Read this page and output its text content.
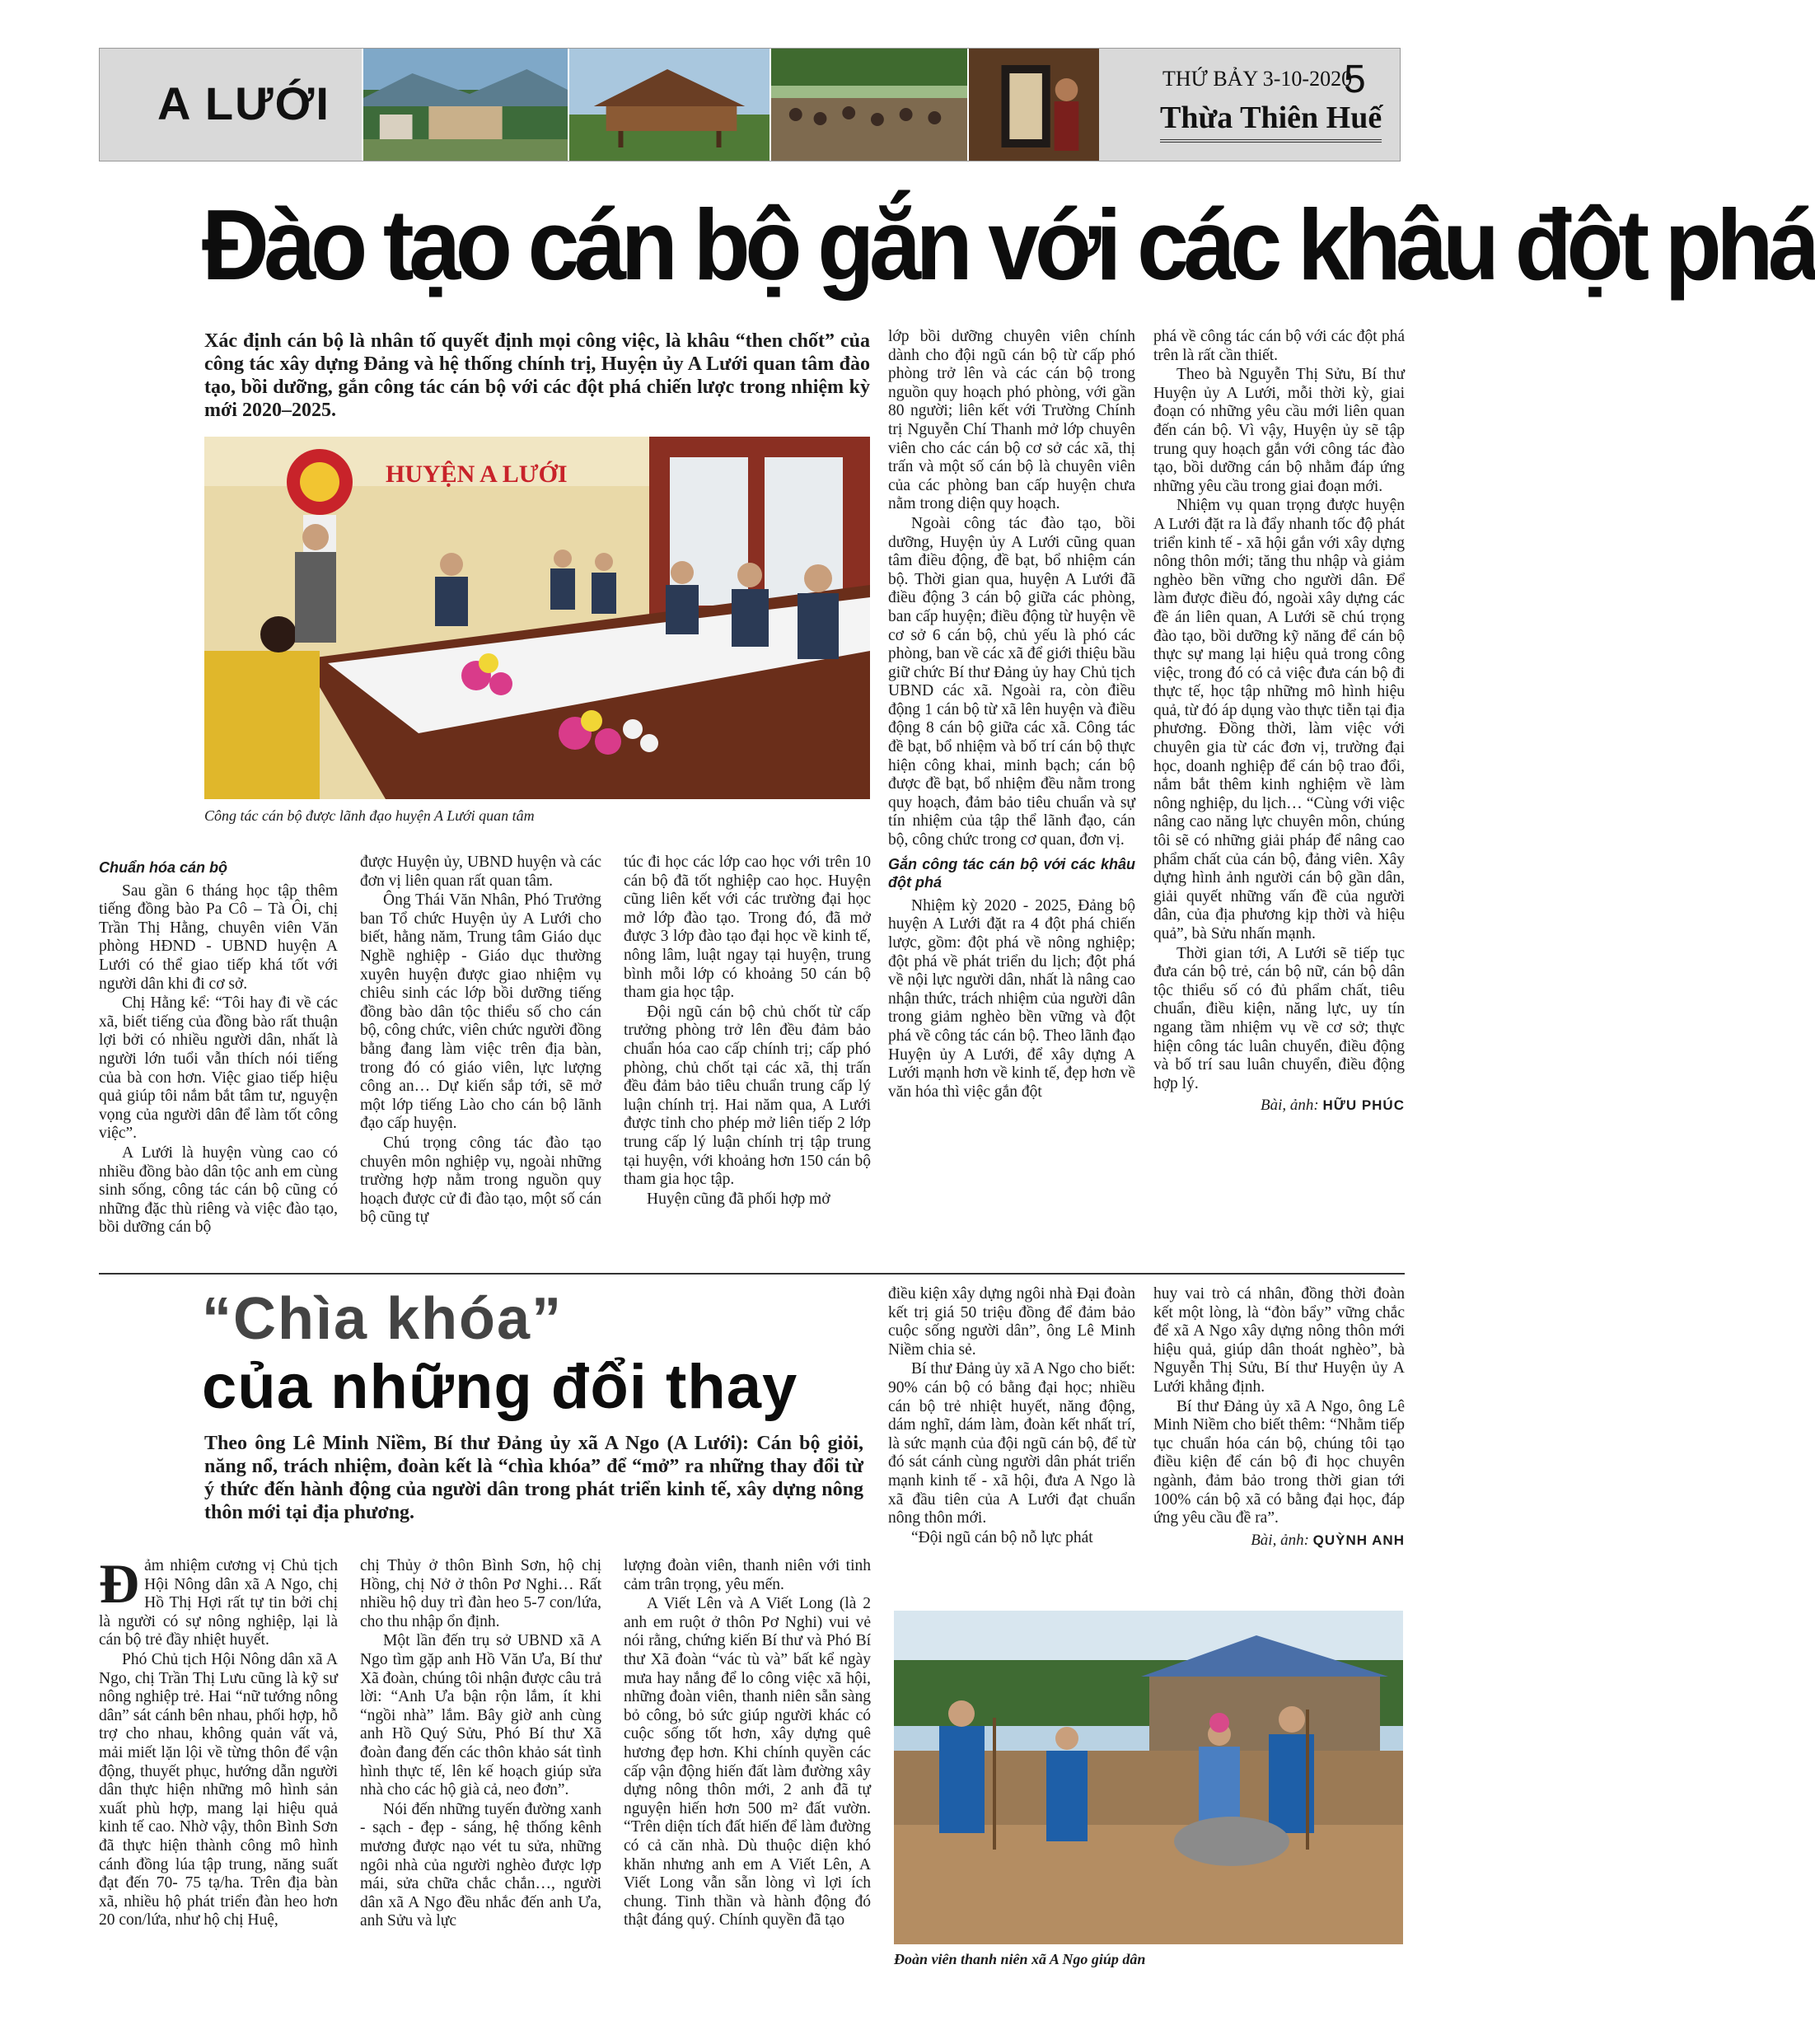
A LƯỚI	THỨ BẢY 3-10-2020
5
Thừa Thiên Huế
Đào tạo cán bộ gắn với các khâu đột phá
Xác định cán bộ là nhân tố quyết định mọi công việc, là khâu “then chốt” của công tác xây dựng Đảng và hệ thống chính trị, Huyện ủy A Lưới quan tâm đào tạo, bồi dưỡng, gắn công tác cán bộ với các đột phá chiến lược trong nhiệm kỳ mới 2020–2025.
HUYỆN A LƯỚI
Công tác cán bộ được lãnh đạo huyện A Lưới quan tâm

Chuẩn hóa cán bộ

Sau gần 6 tháng học tập thêm tiếng đồng bào Pa Cô – Tà Ôi, chị Trần Thị Hằng, chuyên viên Văn phòng HĐND - UBND huyện A Lưới có thể giao tiếp khá tốt với người dân khi đi cơ sở.

Chị Hằng kể: “Tôi hay đi về các xã, biết tiếng của đồng bào rất thuận lợi bởi có nhiều người dân, nhất là người lớn tuổi vẫn thích nói tiếng của bà con hơn. Việc giao tiếp hiệu quả giúp tôi nắm bắt tâm tư, nguyện vọng của người dân để làm tốt công việc”.

A Lưới là huyện vùng cao có nhiều đồng bào dân tộc anh em cùng sinh sống, công tác cán bộ cũng có những đặc thù riêng và việc đào tạo, bồi dưỡng cán bộ

được Huyện ủy, UBND huyện và các đơn vị liên quan rất quan tâm.

Ông Thái Văn Nhân, Phó Trưởng ban Tổ chức Huyện ủy A Lưới cho biết, hằng năm, Trung tâm Giáo dục Nghề nghiệp - Giáo dục thường xuyên huyện được giao nhiệm vụ chiêu sinh các lớp bồi dưỡng tiếng đồng bào dân tộc thiểu số cho cán bộ, công chức, viên chức người đồng bằng đang làm việc trên địa bàn, trong đó có giáo viên, lực lượng công an… Dự kiến sắp tới, sẽ mở một lớp tiếng Lào cho cán bộ lãnh đạo cấp huyện.

Chú trọng công tác đào tạo chuyên môn nghiệp vụ, ngoài những trường hợp nằm trong nguồn quy hoạch được cử đi đào tạo, một số cán bộ cũng tự

túc đi học các lớp cao học với trên 10 cán bộ đã tốt nghiệp cao học. Huyện cũng liên kết với các trường đại học mở lớp đào tạo. Trong đó, đã mở được 3 lớp đào tạo đại học về kinh tế, nông lâm, luật ngay tại huyện, trung bình mỗi lớp có khoảng 50 cán bộ tham gia học tập.

Đội ngũ cán bộ chủ chốt từ cấp trưởng phòng trở lên đều đảm bảo chuẩn hóa cao cấp chính trị; cấp phó phòng, chủ chốt tại các xã, thị trấn đều đảm bảo tiêu chuẩn trung cấp lý luận chính trị. Hai năm qua, A Lưới được tỉnh cho phép mở liên tiếp 2 lớp trung cấp lý luận chính trị tập trung tại huyện, với khoảng hơn 150 cán bộ tham gia học tập.

Huyện cũng đã phối hợp mở

lớp bồi dưỡng chuyên viên chính dành cho đội ngũ cán bộ từ cấp phó phòng trở lên và các cán bộ trong nguồn quy hoạch phó phòng, với gần 80 người; liên kết với Trường Chính trị Nguyễn Chí Thanh mở lớp chuyên viên cho các cán bộ cơ sở các xã, thị trấn và một số cán bộ là chuyên viên của các phòng ban cấp huyện chưa nằm trong diện quy hoạch.

Ngoài công tác đào tạo, bồi dưỡng, Huyện ủy A Lưới cũng quan tâm điều động, đề bạt, bổ nhiệm cán bộ. Thời gian qua, huyện A Lưới đã điều động 3 cán bộ giữa các phòng, ban cấp huyện; điều động từ huyện về cơ sở 6 cán bộ, chủ yếu là phó các phòng, ban về các xã để giới thiệu bầu giữ chức Bí thư Đảng ủy hay Chủ tịch UBND các xã. Ngoài ra, còn điều động 1 cán bộ từ xã lên huyện và điều động 8 cán bộ giữa các xã. Công tác đề bạt, bổ nhiệm và bố trí cán bộ thực hiện công khai, minh bạch; cán bộ được đề bạt, bổ nhiệm đều nằm trong quy hoạch, đảm bảo tiêu chuẩn và sự tín nhiệm của tập thể lãnh đạo, cán bộ, công chức trong cơ quan, đơn vị.

Gắn công tác cán bộ với các khâu đột phá

Nhiệm kỳ 2020 - 2025, Đảng bộ huyện A Lưới đặt ra 4 đột phá chiến lược, gồm: đột phá về nông nghiệp; đột phá về phát triển du lịch; đột phá về nội lực người dân, nhất là nâng cao nhận thức, trách nhiệm của người dân trong giảm nghèo bền vững và đột phá về công tác cán bộ. Theo lãnh đạo Huyện ủy A Lưới, để xây dựng A Lưới mạnh hơn về kinh tế, đẹp hơn về văn hóa thì việc gắn đột

phá về công tác cán bộ với các đột phá trên là rất cần thiết.

Theo bà Nguyễn Thị Sửu, Bí thư Huyện ủy A Lưới, mỗi thời kỳ, giai đoạn có những yêu cầu mới liên quan đến cán bộ. Vì vậy, Huyện ủy sẽ tập trung quy hoạch gắn với công tác đào tạo, bồi dưỡng cán bộ nhằm đáp ứng những yêu cầu trong giai đoạn mới.

Nhiệm vụ quan trọng được huyện A Lưới đặt ra là đẩy nhanh tốc độ phát triển kinh tế - xã hội gắn với xây dựng nông thôn mới; tăng thu nhập và giảm nghèo bền vững cho người dân. Để làm được điều đó, ngoài xây dựng các đề án liên quan, A Lưới sẽ chú trọng đào tạo, bồi dưỡng kỹ năng để cán bộ thực sự mang lại hiệu quả trong công việc, trong đó có cả việc đưa cán bộ đi thực tế, học tập những mô hình hiệu quả, từ đó áp dụng vào thực tiễn tại địa phương. Đồng thời, làm việc với chuyên gia từ các đơn vị, trường đại học, doanh nghiệp để cán bộ trao đổi, nắm bắt thêm kinh nghiệm về làm nông nghiệp, du lịch… “Cùng với việc nâng cao năng lực chuyên môn, chúng tôi sẽ có những giải pháp để nâng cao phẩm chất của cán bộ, đảng viên. Xây dựng hình ảnh người cán bộ gần dân, giải quyết những vấn đề của người dân, của địa phương kịp thời và hiệu quả”, bà Sửu nhấn mạnh.

Thời gian tới, A Lưới sẽ tiếp tục đưa cán bộ trẻ, cán bộ nữ, cán bộ dân tộc thiểu số có đủ phẩm chất, tiêu chuẩn, điều kiện, năng lực, uy tín ngang tầm nhiệm vụ về cơ sở; thực hiện công tác luân chuyển, điều động và bố trí sau luân chuyển, điều động hợp lý.

Bài, ảnh: HỮU PHÚC
“Chìa khóa”
của những đổi thay
Theo ông Lê Minh Niềm, Bí thư Đảng ủy xã A Ngo (A Lưới): Cán bộ giỏi, năng nổ, trách nhiệm, đoàn kết là “chìa khóa” để “mở” ra những thay đổi từ ý thức đến hành động của người dân trong phát triển kinh tế, xây dựng nông thôn mới tại địa phương.

Đảm nhiệm cương vị Chủ tịch Hội Nông dân xã A Ngo, chị Hồ Thị Hợi rất tự tin bởi chị là người có sự nông nghiệp, lại là cán bộ trẻ đầy nhiệt huyết.

Phó Chủ tịch Hội Nông dân xã A Ngo, chị Trần Thị Lưu cũng là kỹ sư nông nghiệp trẻ. Hai “nữ tướng nông dân” sát cánh bên nhau, phối hợp, hỗ trợ cho nhau, không quản vất vả, mải miết lặn lội về từng thôn để vận động, thuyết phục, hướng dẫn người dân thực hiện những mô hình sản xuất phù hợp, mang lại hiệu quả kinh tế cao. Nhờ vậy, thôn Bình Sơn đã thực hiện thành công mô hình cánh đồng lúa tập trung, năng suất đạt đến 70- 75 tạ/ha. Trên địa bàn xã, nhiều hộ phát triển đàn heo hơn 20 con/lứa, như hộ chị Huệ,

chị Thủy ở thôn Bình Sơn, hộ chị Hồng, chị Nở ở thôn Pơ Nghi… Rất nhiều hộ duy trì đàn heo 5-7 con/lứa, cho thu nhập ổn định.

Một lần đến trụ sở UBND xã A Ngo tìm gặp anh Hồ Văn Ưa, Bí thư Xã đoàn, chúng tôi nhận được câu trả lời: “Anh Ưa bận rộn lắm, ít khi “ngồi nhà” lắm. Bây giờ anh cùng anh Hồ Quý Sửu, Phó Bí thư Xã đoàn đang đến các thôn khảo sát tình hình thực tế, lên kế hoạch giúp sửa nhà cho các hộ già cả, neo đơn”.

Nói đến những tuyến đường xanh - sạch - đẹp - sáng, hệ thống kênh mương được nạo vét tu sửa, những ngôi nhà của người nghèo được lợp mái, sửa chữa chắc chắn…, người dân xã A Ngo đều nhắc đến anh Ưa, anh Sửu và lực

lượng đoàn viên, thanh niên với tinh cảm trân trọng, yêu mến.

A Viết Lên và A Viết Long (là 2 anh em ruột ở thôn Pơ Nghi) vui vẻ nói rằng, chứng kiến Bí thư và Phó Bí thư Xã đoàn “vác tù và” bất kể ngày mưa hay nắng để lo công việc xã hội, những đoàn viên, thanh niên sẵn sàng bỏ công, bỏ sức giúp người khác có cuộc sống tốt hơn, xây dựng quê hương đẹp hơn. Khi chính quyền các cấp vận động hiến đất làm đường xây dựng nông thôn mới, 2 anh đã tự nguyện hiến hơn 500 m² đất vườn. “Trên diện tích đất hiến để làm đường có cả căn nhà. Dù thuộc diện khó khăn nhưng anh em A Viết Lên, A Viết Long vẫn sẵn lòng vì lợi ích chung. Tinh thần và hành động đó thật đáng quý. Chính quyền đã tạo

điều kiện xây dựng ngôi nhà Đại đoàn kết trị giá 50 triệu đồng để đảm bảo cuộc sống người dân”, ông Lê Minh Niềm chia sẻ.

Bí thư Đảng ủy xã A Ngo cho biết: 90% cán bộ có bằng đại học; nhiều cán bộ trẻ nhiệt huyết, năng động, dám nghĩ, dám làm, đoàn kết nhất trí, là sức mạnh của đội ngũ cán bộ, để từ đó sát cánh cùng người dân phát triển mạnh kinh tế - xã hội, đưa A Ngo là xã đầu tiên của A Lưới đạt chuẩn nông thôn mới.

“Đội ngũ cán bộ nỗ lực phát

huy vai trò cá nhân, đồng thời đoàn kết một lòng, là “đòn bẩy” vững chắc để xã A Ngo xây dựng nông thôn mới hiệu quả, giúp dân thoát nghèo”, bà Nguyễn Thị Sửu, Bí thư Huyện ủy A Lưới khẳng định.

Bí thư Đảng ủy xã A Ngo, ông Lê Minh Niềm cho biết thêm: “Nhằm tiếp tục chuẩn hóa cán bộ, chúng tôi tạo điều kiện để cán bộ đi học chuyên ngành, đảm bảo trong thời gian tới 100% cán bộ xã có bằng đại học, đáp ứng yêu cầu đề ra”.

Bài, ảnh: QUỲNH ANH
Đoàn viên thanh niên xã A Ngo giúp dân
